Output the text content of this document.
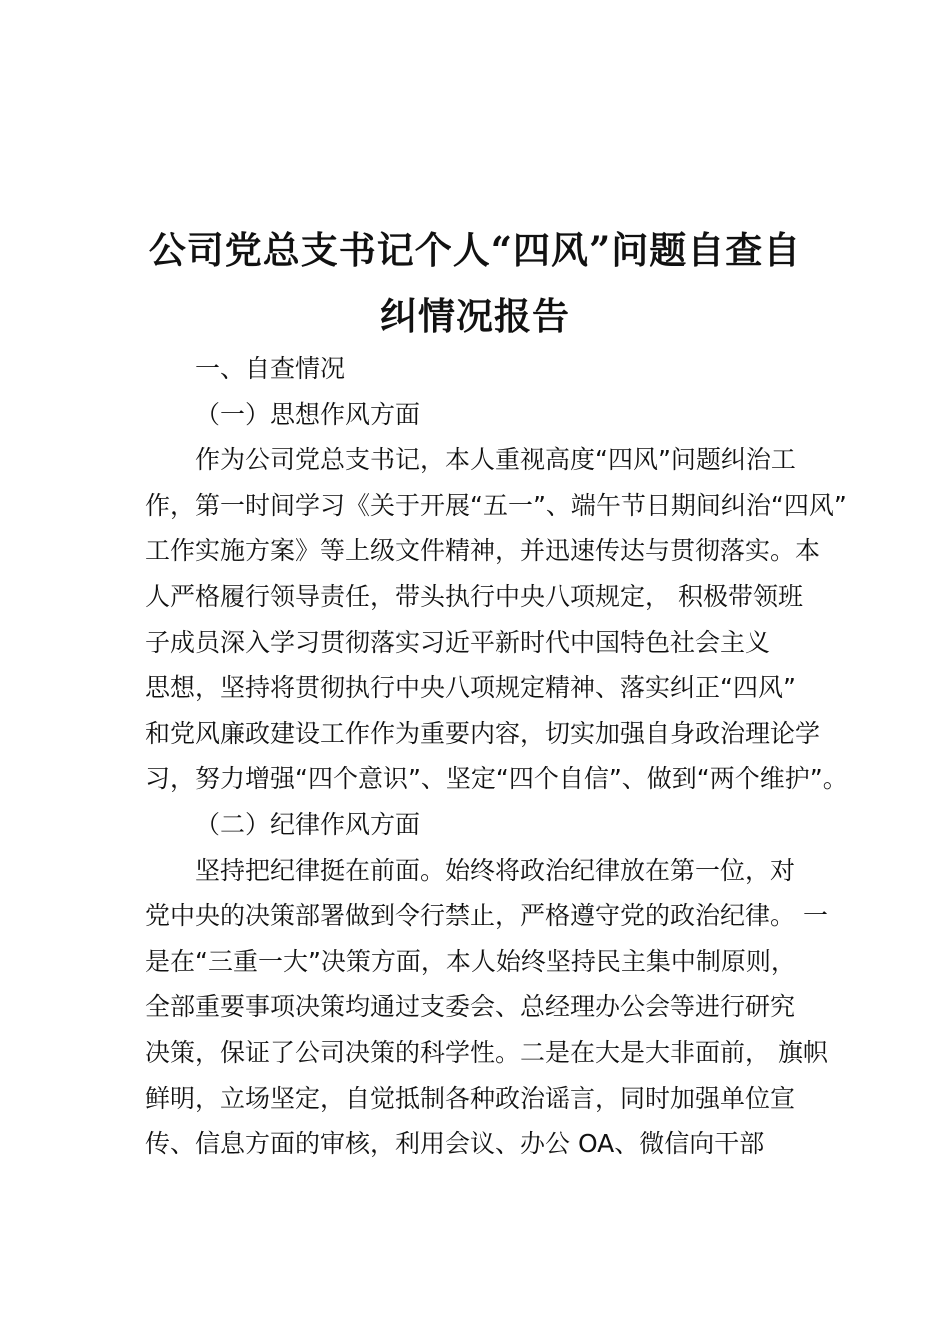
公司党总支书记个人“四风”问题自查自
纠情况报告
一、自查情况
（一）思想作风方面
作为公司党总支书记，本人重视高度“四风”问题纠治工
作，第一时间学习《关于开展“五一”、端午节日期间纠治“四风”
工作实施方案》等上级文件精神，并迅速传达与贯彻落实。本
人严格履行领导责任，带头执行中央八项规定， 积极带领班
子成员深入学习贯彻落实习近平新时代中国特色社会主义
思想，坚持将贯彻执行中央八项规定精神、落实纠正“四风”
和党风廉政建设工作作为重要内容，切实加强自身政治理论学
习，努力增强“四个意识”、坚定“四个自信”、做到“两个维护”。
（二）纪律作风方面
坚持把纪律挺在前面。始终将政治纪律放在第一位，对
党中央的决策部署做到令行禁止，严格遵守党的政治纪律。 一
是在“三重一大”决策方面，本人始终坚持民主集中制原则，
全部重要事项决策均通过支委会、总经理办公会等进行研究
决策，保证了公司决策的科学性。二是在大是大非面前， 旗帜
鲜明，立场坚定，自觉抵制各种政治谣言，同时加强单位宣
传、信息方面的审核，利用会议、办公 OA、微信向干部
